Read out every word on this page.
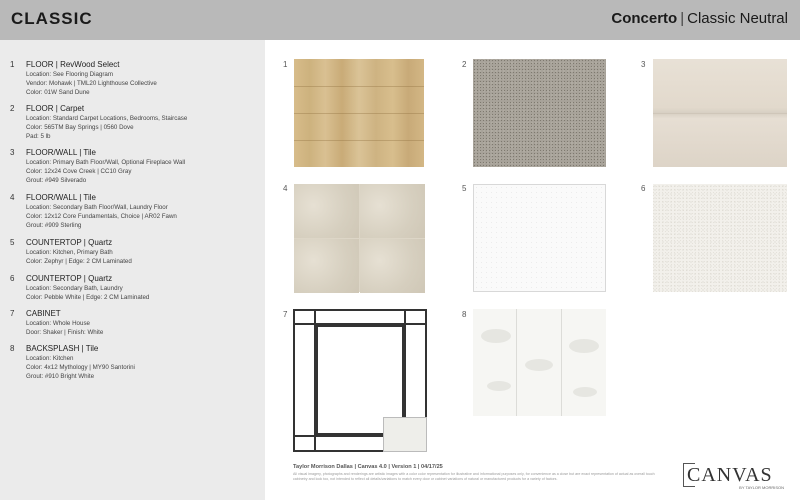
CLASSIC	Concerto | Classic Neutral
1 FLOOR | RevWood Select
Location: See Flooring Diagram
Vendor: Mohawk | TML20 Lighthouse Collective
Color: 01W Sand Dune
2 FLOOR | Carpet
Location: Standard Carpet Locations, Bedrooms, Staircase
Color: 565TM Bay Springs | 0560 Dove
Pad: 5 lb
3 FLOOR/WALL | Tile
Location: Primary Bath Floor/Wall, Optional Fireplace Wall
Color: 12x24 Cove Creek | CC10 Gray
Grout: #949 Silverado
4 FLOOR/WALL | Tile
Location: Secondary Bath Floor/Wall, Laundry Floor
Color: 12x12 Core Fundamentals, Choice | AR02 Fawn
Grout: #909 Sterling
5 COUNTERTOP | Quartz
Location: Kitchen, Primary Bath
Color: Zephyr | Edge: 2 CM Laminated
6 COUNTERTOP | Quartz
Location: Secondary Bath, Laundry
Color: Pebble White | Edge: 2 CM Laminated
7 CABINET
Location: Whole House
Door: Shaker | Finish: White
8 BACKSPLASH | Tile
Location: Kitchen
Color: 4x12 Mythology | MY90 Santorini
Grout: #910 Bright White
1	2	3
4	5	6
7	8
Taylor Morrison Dallas | Canvas 4.0 | Version 1 | 04/17/25
All visual imagery, photographs and renderings are artistic images with a color color representation for illustrative and informational purposes only, for convenience as a close but are exact representation of actual as overall touch cabinetry and look too, not intended to reflect all details/variations to match every door or cabinet variations of natural or manufactured products for a variety of factors.	CANVAS
BY TAYLOR MORRISON
